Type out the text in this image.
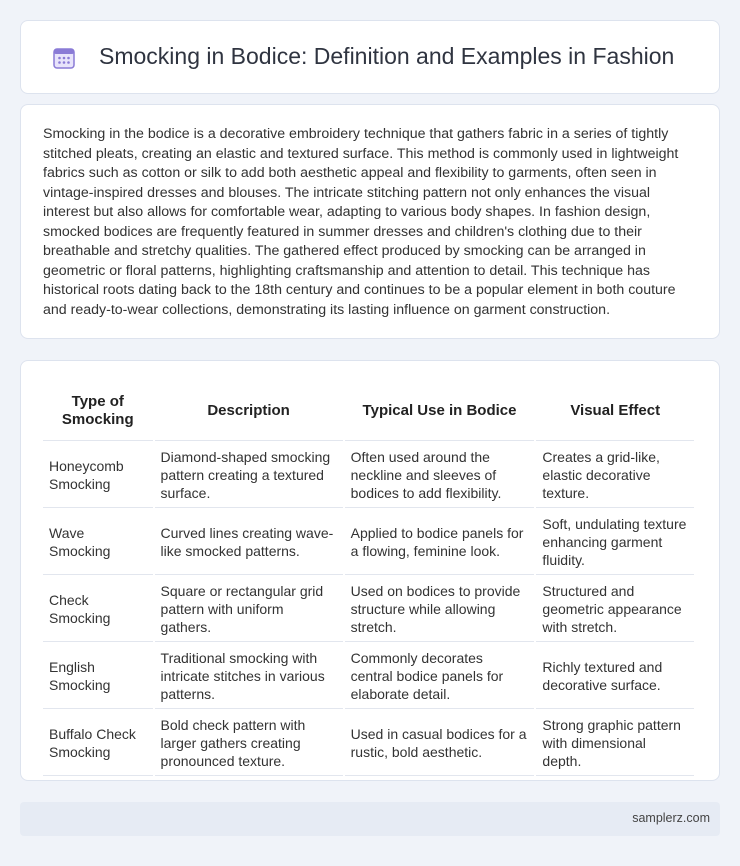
Smocking in Bodice: Definition and Examples in Fashion

Smocking in the bodice is a decorative embroidery technique that gathers fabric in a series of tightly stitched pleats, creating an elastic and textured surface. This method is commonly used in lightweight fabrics such as cotton or silk to add both aesthetic appeal and flexibility to garments, often seen in vintage-inspired dresses and blouses. The intricate stitching pattern not only enhances the visual interest but also allows for comfortable wear, adapting to various body shapes. In fashion design, smocked bodices are frequently featured in summer dresses and children's clothing due to their breathable and stretchy qualities. The gathered effect produced by smocking can be arranged in geometric or floral patterns, highlighting craftsmanship and attention to detail. This technique has historical roots dating back to the 18th century and continues to be a popular element in both couture and ready-to-wear collections, demonstrating its lasting influence on garment construction.

Type of Smocking	Description	Typical Use in Bodice	Visual Effect
Honeycomb Smocking	Diamond-shaped smocking pattern creating a textured surface.	Often used around the neckline and sleeves of bodices to add flexibility.	Creates a grid-like, elastic decorative texture.
Wave Smocking	Curved lines creating wave-like smocked patterns.	Applied to bodice panels for a flowing, feminine look.	Soft, undulating texture enhancing garment fluidity.
Check Smocking	Square or rectangular grid pattern with uniform gathers.	Used on bodices to provide structure while allowing stretch.	Structured and geometric appearance with stretch.
English Smocking	Traditional smocking with intricate stitches in various patterns.	Commonly decorates central bodice panels for elaborate detail.	Richly textured and decorative surface.
Buffalo Check Smocking	Bold check pattern with larger gathers creating pronounced texture.	Used in casual bodices for a rustic, bold aesthetic.	Strong graphic pattern with dimensional depth.
samplerz.com
